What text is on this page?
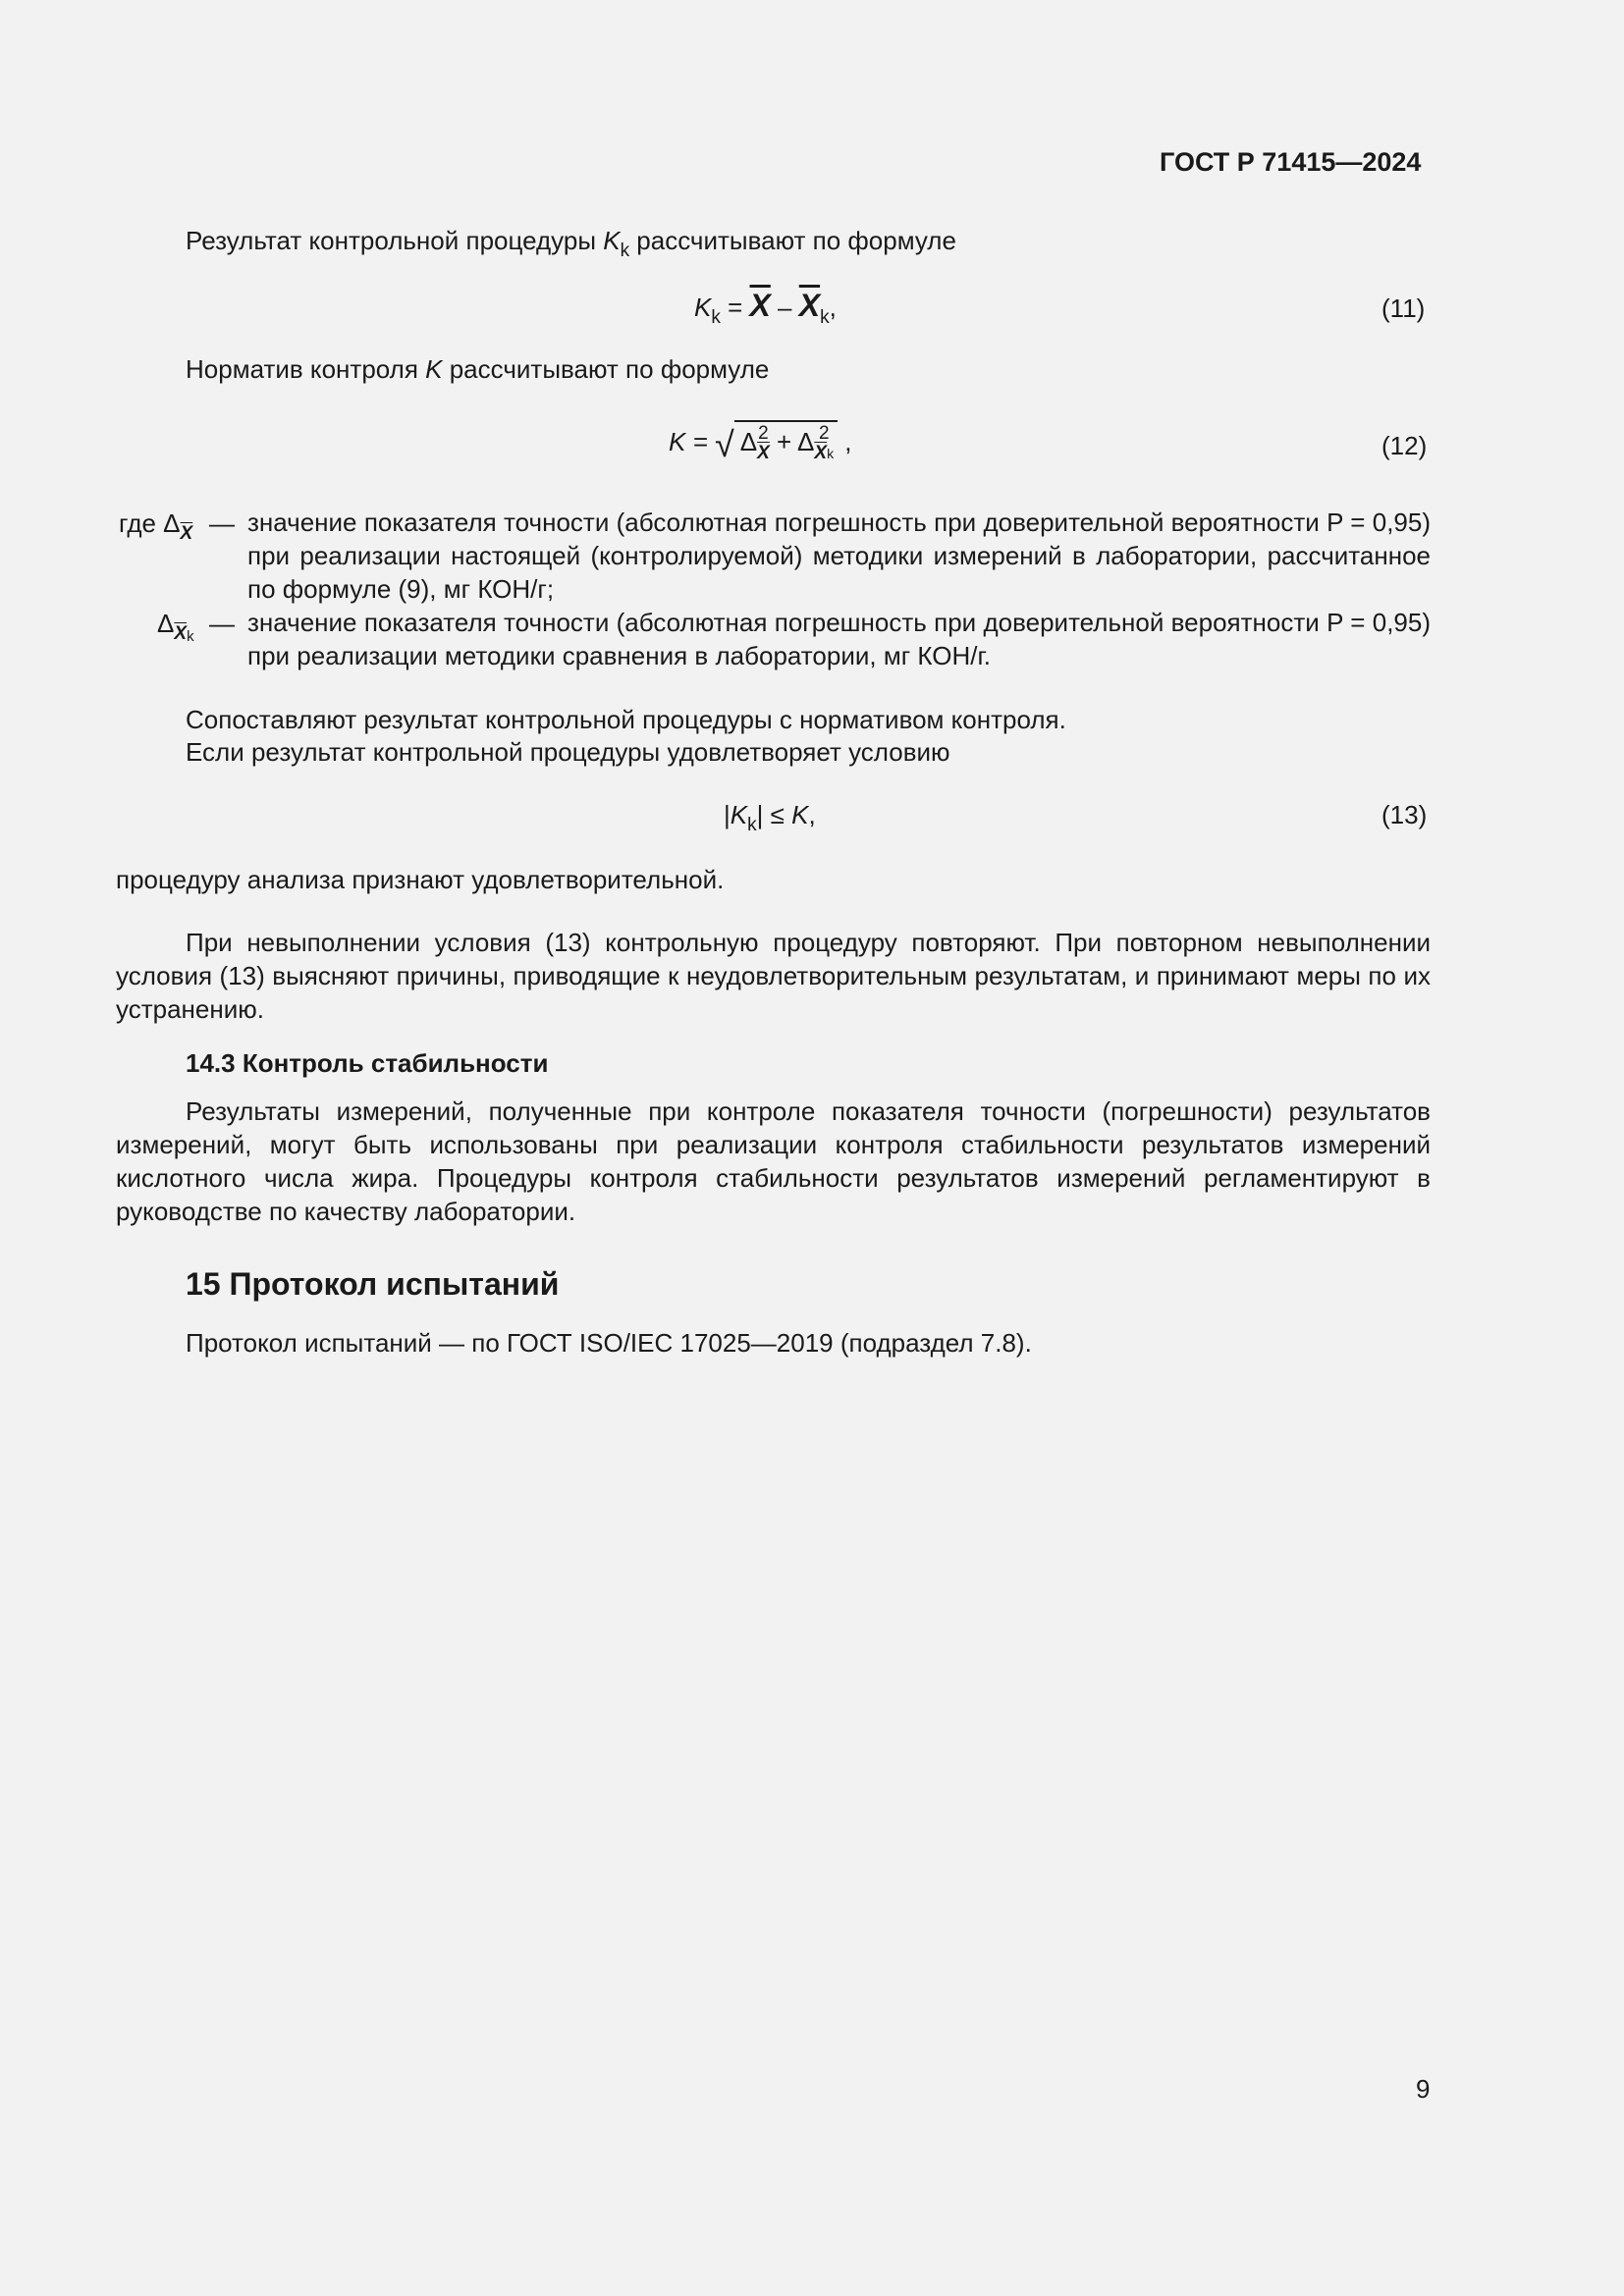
ГОСТ Р 71415—2024
Результат контрольной процедуры $K_k$ рассчитывают по формуле
$K_k = \overline{X} - \overline{X}_k$,	(11)
Норматив контроля K рассчитывают по формуле
K = √ Δ $\frac{2}{X} + \Delta$ 2
$\overline{X}k$ ,	(12)
где $\Delta_{\overline{X}}$ — значение показателя точности (абсолютная погрешность при доверительной вероятности P = 0,95) при реализации настоящей (контролируемой) методики измерений в лаборатории, рассчитанное по формуле (9), мг КОН/г;
$\Delta_{\overline{X}k}$ — значение показателя точности (абсолютная погрешность при доверительной вероятности P = 0,95) при реализации методики сравнения в лаборатории, мг КОН/г.
Сопоставляют результат контрольной процедуры с нормативом контроля.
Если результат контрольной процедуры удовлетворяет условию
$|K_k| \le K$,	(13)
процедуру анализа признают удовлетворительной.
При невыполнении условия (13) контрольную процедуру повторяют. При повторном невыполнении условия (13) выясняют причины, приводящие к неудовлетворительным результатам, и принимают меры по их устранению.
14.3 Контроль стабильности
Результаты измерений, полученные при контроле показателя точности (погрешности) результатов измерений, могут быть использованы при реализации контроля стабильности результатов измерений кислотного числа жира. Процедуры контроля стабильности результатов измерений регламентируют в руководстве по качеству лаборатории.
15 Протокол испытаний
Протокол испытаний — по ГОСТ ISO/IEC 17025—2019 (подраздел 7.8).
9
